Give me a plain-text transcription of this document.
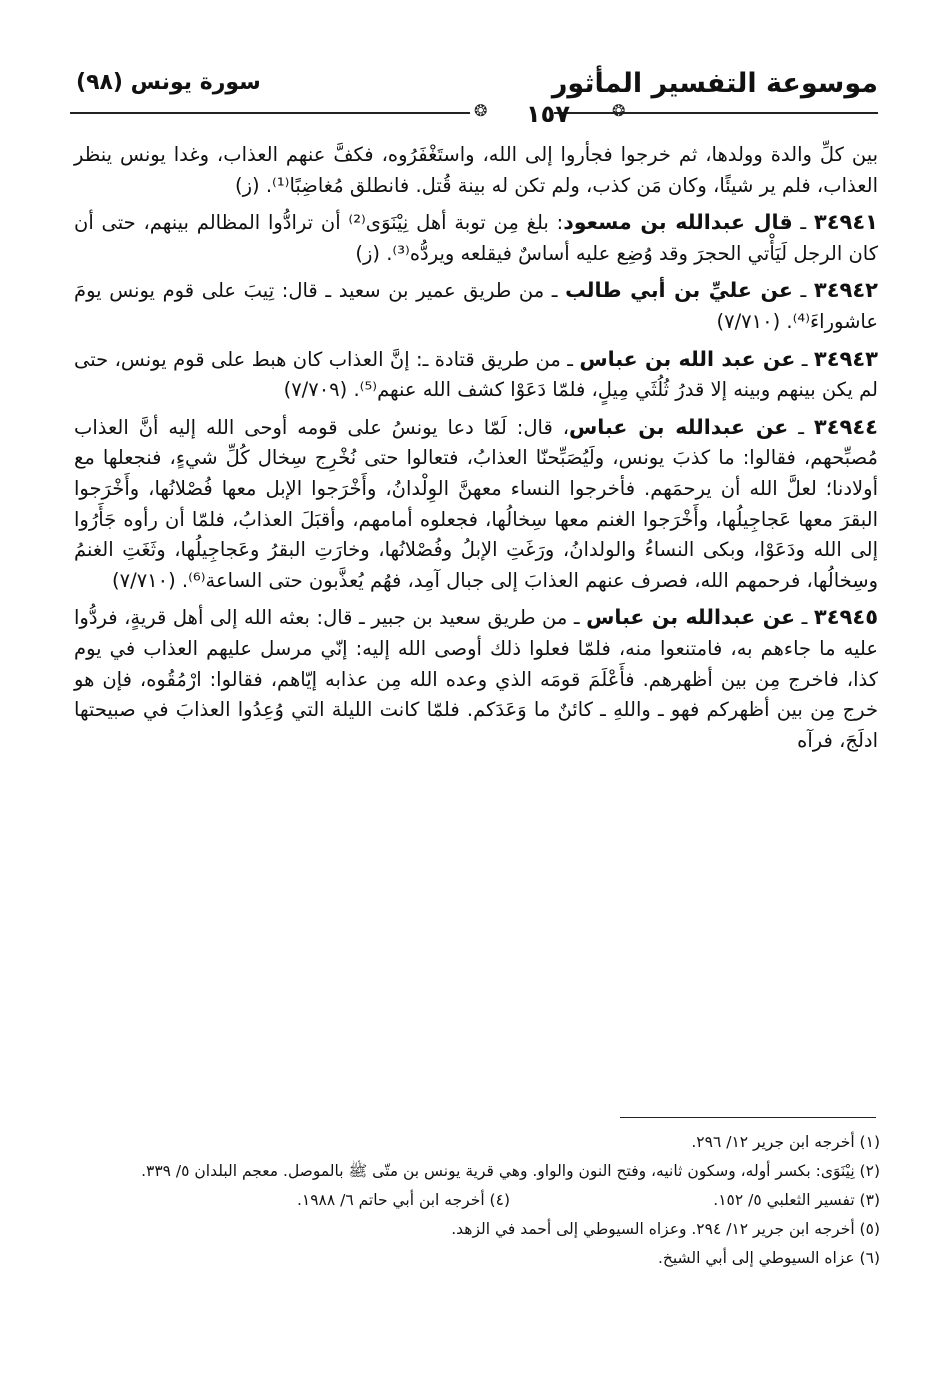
موسوعة التفسير المأثور
سورة يونس (٩٨)
❂	❂
١٥٧

بين كلِّ والدة وولدها، ثم خرجوا فجأروا إلى الله، واستَغْفَرُوه، فكفَّ عنهم العذاب، وغدا يونس ينظر العذاب، فلم ير شيئًا، وكان مَن كذب، ولم تكن له بينة قُتل. فانطلق مُغاضِبًا⁽¹⁾. (ز)

٣٤٩٤١ ـ قال عبدالله بن مسعود: بلغ مِن توبة أهل نِيْنَوَى⁽²⁾ أن ترادُّوا المظالم بينهم، حتى أن كان الرجل لَيَأْتي الحجرَ وقد وُضِع عليه أساسٌ فيقلعه ويردُّه⁽³⁾. (ز)

٣٤٩٤٢ ـ عن عليِّ بن أبي طالب ـ من طريق عمير بن سعيد ـ قال: تِيبَ على قوم يونس يومَ عاشوراءَ⁽⁴⁾. (٧/٧١٠)

٣٤٩٤٣ ـ عن عبد الله بن عباس ـ من طريق قتادة ـ: إنَّ العذاب كان هبط على قوم يونس، حتى لم يكن بينهم وبينه إلا قدرُ ثُلُثَي مِيلٍ، فلمّا دَعَوْا كشف الله عنهم⁽⁵⁾. (٧/٧٠٩)

٣٤٩٤٤ ـ عن عبدالله بن عباس، قال: لَمّا دعا يونسُ على قومه أوحى الله إليه أنَّ العذاب مُصبِّحهم، فقالوا: ما كذبَ يونس، ولَيُصَبِّحنّا العذابُ، فتعالوا حتى نُخْرِج سِخال كُلِّ شيءٍ، فنجعلها مع أولادنا؛ لعلَّ الله أن يرحمَهم. فأخرجوا النساء معهنَّ الوِلْدانُ، وأَخْرَجوا الإبل معها فُصْلانُها، وأَخْرَجوا البقرَ معها عَجاجِيلُها، وأَخْرَجوا الغنم معها سِخالُها، فجعلوه أمامهم، وأقبَلَ العذابُ، فلمّا أن رأوه جَأَرُوا إلى الله ودَعَوْا، وبكى النساءُ والولدانُ، ورَغَتِ الإبلُ وفُصْلانُها، وخارَتِ البقرُ وعَجاجِيلُها، وثَغَتِ الغنمُ وسِخالُها، فرحمهم الله، فصرف عنهم العذابَ إلى جبال آمِد، فهُم يُعذَّبون حتى الساعة⁽⁶⁾. (٧/٧١٠)

٣٤٩٤٥ ـ عن عبدالله بن عباس ـ من طريق سعيد بن جبير ـ قال: بعثه الله إلى أهل قريةٍ، فردُّوا عليه ما جاءهم به، فامتنعوا منه، فلمّا فعلوا ذلك أوصى الله إليه: إنّي مرسل عليهم العذاب في يوم كذا، فاخرج مِن بين أظهرهم. فأَعْلَمَ قومَه الذي وعده الله مِن عذابه إيّاهم، فقالوا: ارْمُقُوه، فإن هو خرج مِن بين أظهركم فهو ـ واللهِ ـ كائنٌ ما وَعَدَكم. فلمّا كانت الليلة التي وُعِدُوا العذابَ في صبيحتها ادلَجَ، فرآه

(١) أخرجه ابن جرير ١٢/ ٢٩٦.

(٢) نِيْنَوَى: بكسر أوله، وسكون ثانيه، وفتح النون والواو. وهي قرية يونس بن متّى ﷺ بالموصل. معجم البلدان ٥/ ٣٣٩.

(٣) تفسير الثعلبي ٥/ ١٥٢.

(٤) أخرجه ابن أبي حاتم ٦/ ١٩٨٨.

(٥) أخرجه ابن جرير ١٢/ ٢٩٤. وعزاه السيوطي إلى أحمد في الزهد.

(٦) عزاه السيوطي إلى أبي الشيخ.
